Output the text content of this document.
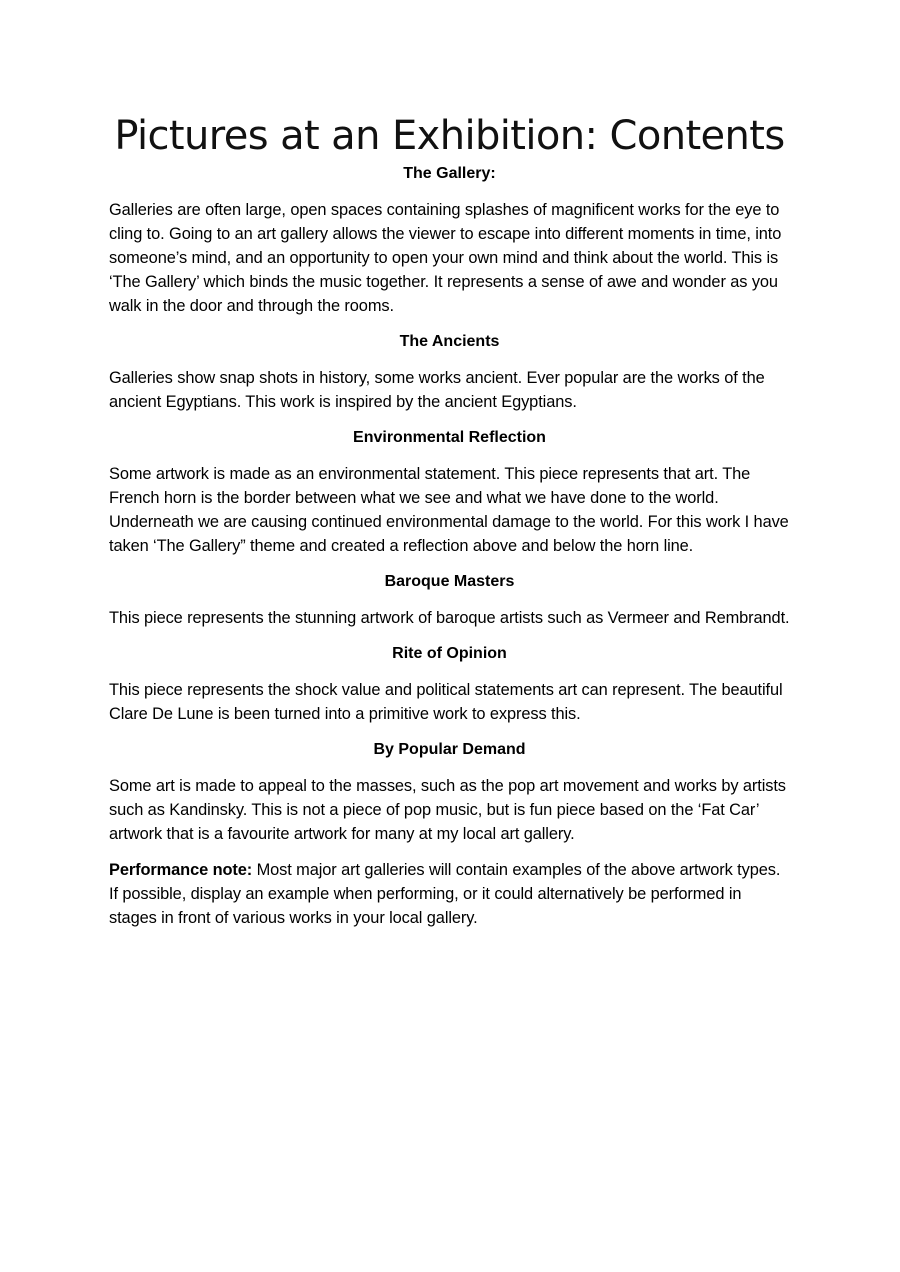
Pictures at an Exhibition: Contents
The Gallery:

Galleries are often large, open spaces containing splashes of magnificent works for the eye to cling to. Going to an art gallery allows the viewer to escape into different moments in time, into someone’s mind, and an opportunity to open your own mind and think about the world. This is ‘The Gallery’ which binds the music together. It represents a sense of awe and wonder as you walk in the door and through the rooms.

The Ancients

Galleries show snap shots in history, some works ancient. Ever popular are the works of the ancient Egyptians. This work is inspired by the ancient Egyptians.

Environmental Reflection

Some artwork is made as an environmental statement. This piece represents that art. The French horn is the border between what we see and what we have done to the world. Underneath we are causing continued environmental damage to the world. For this work I have taken ‘The Gallery” theme and created a reflection above and below the horn line.

Baroque Masters

This piece represents the stunning artwork of baroque artists such as Vermeer and Rembrandt.

Rite of Opinion

This piece represents the shock value and political statements art can represent. The beautiful Clare De Lune is been turned into a primitive work to express this.

By Popular Demand

Some art is made to appeal to the masses, such as the pop art movement and works by artists such as Kandinsky. This is not a piece of pop music, but is fun piece based on the ‘Fat Car’ artwork that is a favourite artwork for many at my local art gallery.

Performance note: Most major art galleries will contain examples of the above artwork types. If possible, display an example when performing, or it could alternatively be performed in stages in front of various works in your local gallery.
